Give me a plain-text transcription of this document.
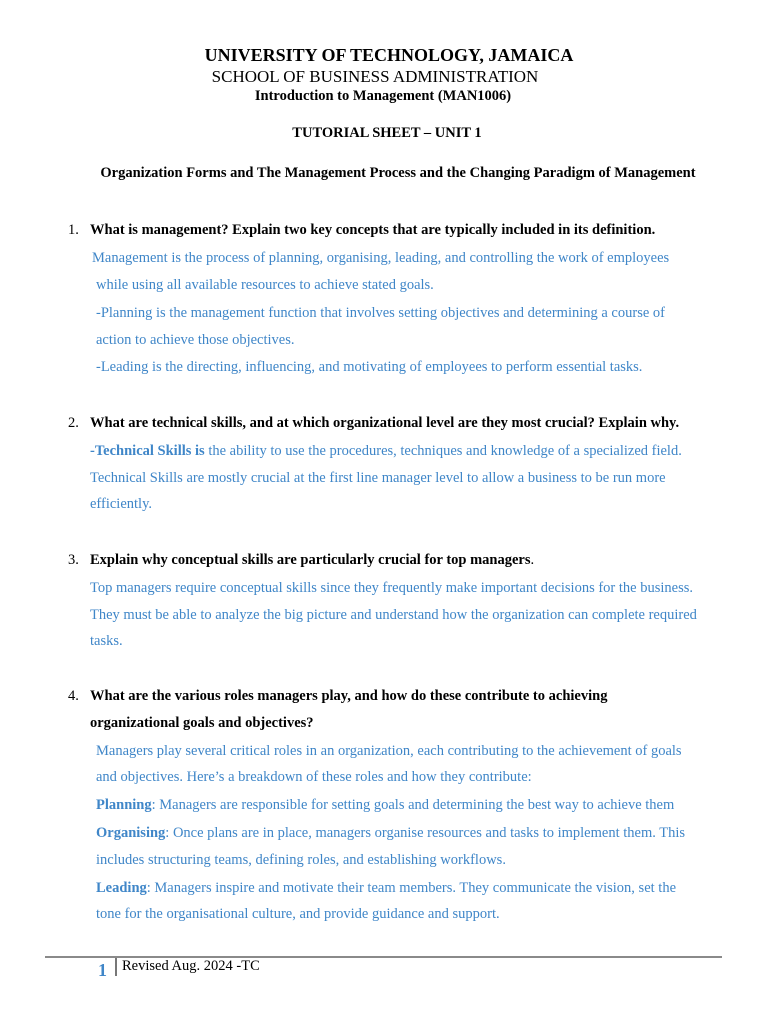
UNIVERSITY OF TECHNOLOGY, JAMAICA
SCHOOL OF BUSINESS ADMINISTRATION
Introduction to Management (MAN1006)
TUTORIAL SHEET – UNIT 1
Organization Forms and The Management Process and the Changing Paradigm of Management
1. What is management? Explain two key concepts that are typically included in its definition.
Management is the process of planning, organising, leading, and controlling the work of employees
while using all available resources to achieve stated goals.
-Planning is the management function that involves setting objectives and determining a course of
action to achieve those objectives.
-Leading is the directing, influencing, and motivating of employees to perform essential tasks.
2. What are technical skills, and at which organizational level are they most crucial? Explain why.
-Technical Skills is the ability to use the procedures, techniques and knowledge of a specialized field.
Technical Skills are mostly crucial at the first line manager level to allow a business to be run more
efficiently.
3. Explain why conceptual skills are particularly crucial for top managers.
Top managers require conceptual skills since they frequently make important decisions for the business.
They must be able to analyze the big picture and understand how the organization can complete required
tasks.
4. What are the various roles managers play, and how do these contribute to achieving
organizational goals and objectives?
Managers play several critical roles in an organization, each contributing to the achievement of goals
and objectives. Here’s a breakdown of these roles and how they contribute:
Planning: Managers are responsible for setting goals and determining the best way to achieve them
Organising: Once plans are in place, managers organise resources and tasks to implement them. This
includes structuring teams, defining roles, and establishing workflows.
Leading: Managers inspire and motivate their team members. They communicate the vision, set the
tone for the organisational culture, and provide guidance and support.
1 Revised Aug. 2024 -TC
